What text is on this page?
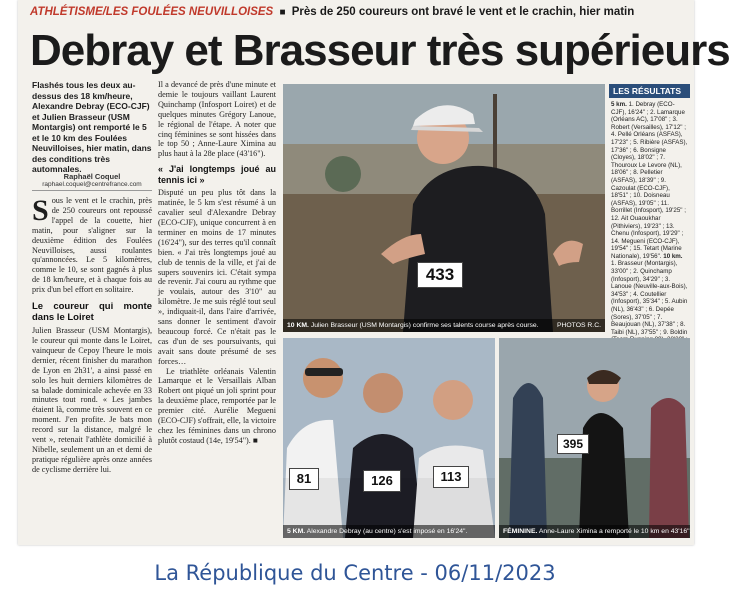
ATHLÉTISME/LES FOULÉES NEUVILLOISES ■ Près de 250 coureurs ont bravé le vent et le crachin, hier matin
Debray et Brasseur très supérieurs
Flashés tous les deux au-dessus des 18 km/heure, Alexandre Debray (ECO-CJF) et Julien Brasseur (USM Montargis) ont remporté le 5 et le 10 km des Foulées Neuvilloises, hier matin, dans des conditions très automnales.
Raphaël Coquel
raphael.coquel@centrefrance.com
S ous le vent et le crachin, près de 250 coureurs ont repoussé l'appel de la couette, hier matin, pour s'aligner sur la deuxième édition des Foulées Neuvilloises, aussi roulantes qu'annoncées. Le 5 kilomètres, comme le 10, se sont gagnés à plus de 18 km/heure, et à chaque fois au prix d'un bel effort en solitaire.
Le coureur qui monte dans le Loiret
Julien Brasseur (USM Montargis), le coureur qui monte dans le Loiret, vainqueur de Cepoy l'heure le mois dernier, récent finisher du marathon de Lyon en 2h31', a ainsi passé en solo les huit derniers kilomètres de sa balade dominicale achevée en 33 minutes tout rond. « Les jambes étaient là, comme très souvent en ce moment. J'en profite. Je bats mon record sur la distance, malgré le vent », retenait l'athlète domicilié à Nibelle, seulement un an et demi de pratique régulière après onze années de cyclisme derrière lui.
Il a devancé de près d'une minute et demie le toujours vaillant Laurent Quinchamp (Infosport Loiret) et de quelques minutes Grégory Lanoue, le régional de l'étape. A noter que cinq féminines se sont hissées dans le top 50 ; Anne-Laure Ximina au plus haut à la 28e place (43'16").
« J'ai longtemps joué au tennis ici »
Disputé un peu plus tôt dans la matinée, le 5 km s'est résumé à un cavalier seul d'Alexandre Debray (ECO-CJF), unique concurrent à en terminer en moins de 17 minutes (16'24"), sur des terres qu'il connaît bien. « J'ai très longtemps joué au club de tennis de la ville, et j'ai de supers souvenirs ici. C'était sympa de revenir. J'ai couru au rythme que je voulais, autour des 3'10" au kilomètre. Je me suis réglé tout seul », indiquait-il, dans l'aire d'arrivée, sans donner le sentiment d'avoir beaucoup forcé. Ce n'était pas le cas d'un de ses poursuivants, qui avait sans doute présumé de ses forces…
Le triathlète orléanais Valentin Lamarque et le Versaillais Alban Robert ont piqué un joli sprint pour la deuxième place, remportée par le premier cité. Aurélie Megueni (ECO-CJF) s'offrait, elle, la victoire chez les féminines dans un chrono plutôt costaud (14e, 19'54"). ■
433
10 KM. Julien Brasseur (USM Montargis) confirme ses talents course après course.	PHOTOS R.C.
LES RÉSULTATS
5 km. 1. Debray (ECO-CJF), 16'24" ; 2. Lamarque (Orléans AC), 17'08" ; 3. Robert (Versailles), 17'12" ; 4. Pellé Orléans (ASFAS), 17'23" ; 5. Ribière (ASFAS), 17'36" ; 6. Bonsigne (Cloyes), 18'02" ; 7. Thouroux Le Levore (NL), 18'06" ; 8. Pelletier (ASFAS), 18'39" ; 9. Cazoulat (ECO-CJF), 18'51" ; 10. Doisneau (ASFAS), 19'05" ; 11. Borrillet (Infosport), 19'25" ; 12. Ait Ouaoukhar (Pithiviers), 19'23" ; 13. Chenu (Infosport), 19'29" ; 14. Megueni (ECO-CJF), 19'54" ; 15. Tetart (Marine Nationale), 19'56". 10 km. 1. Brasseur (Montargis), 33'00" ; 2. Quinchamp (Infosport), 34'29" ; 3. Lanoue (Neuville-aux-Bois), 34'53" ; 4. Coutellier (Infosport), 35'34" ; 5. Aubin (NL), 36'43" ; 6. Depée (Sores), 37'05" ; 7. Beaujouan (NL), 37'38" ; 8. Taibi (NL), 37'55" ; 9. Boldin
81	126	113
5 KM. Alexandre Debray (au centre) s'est imposé en 16'24".
395
FÉMININE. Anne-Laure Ximina a remporté le 10 km en 43'16".
La République du Centre - 06/11/2023
